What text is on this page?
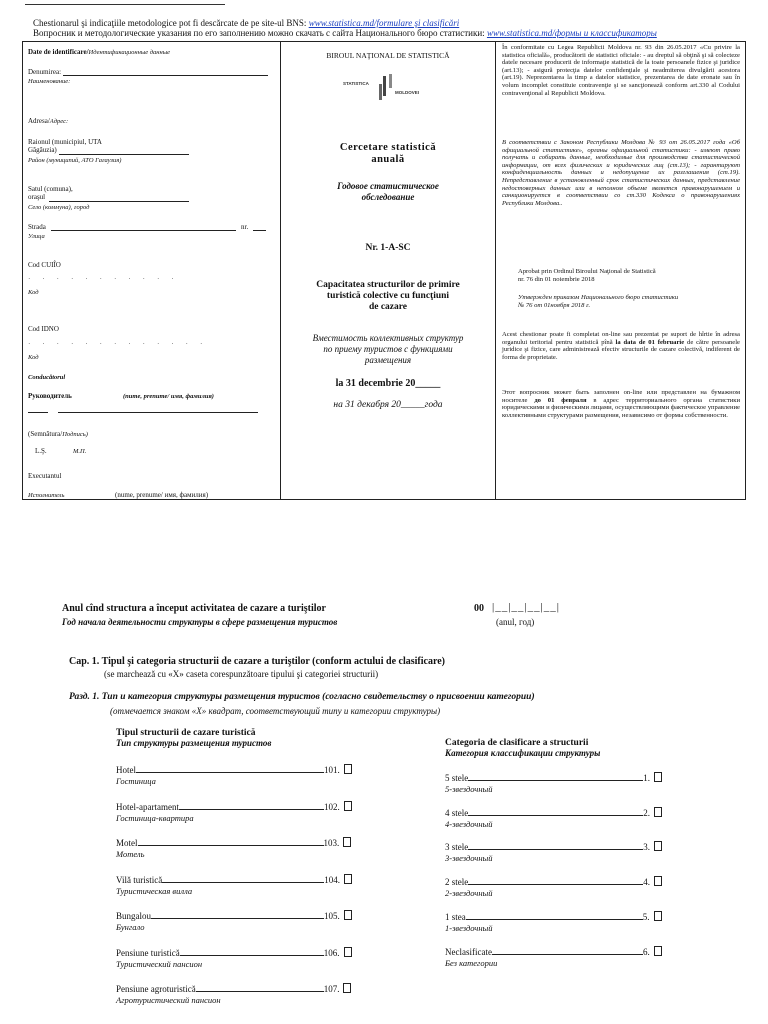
Chestionarul şi indicaţiile metodologice pot fi descărcate de pe site-ul BNS: www.statistica.md/formulare şi clasificări
Вопросник и методологические указания по его заполнению можно скачать с сайта Национального бюро статистики: www.statistica.md/формы и классификаторы
Date de identificare/Идентификационные данные
Denumirea:
Наименование:
Adresa/Адрес:
Raionul (municipiul, UTA
Găgăuzia)
Район (муниципий, АТО Гагаузия)
Satul (comuna),
oraşul
Село (коммуна), город
Strada	nr.
Улица
Cod CUIÎO
˙˙˙˙˙˙˙˙˙˙˙
Код
Cod IDNO
˙˙˙˙˙˙˙˙˙˙˙˙˙
Код
Conducătorul
Руководитель	(nume, prenume/ имя, фамилия)
(Semnătura/Подпись)
L.Ş.	М.П.
Executantul
Исполнитель	(nume, prenume/ имя, фамилия)
BIROUL NAŢIONAL DE STATISTICĂ
STATISTICA
MOLDOVEI
Cercetare statistică
anuală
Годовое статистическое
обследование
Nr. 1-A-SC
Capacitatea structurilor de primire
turistică colective cu funcţiuni
de cazare
Вместимость коллективных структур
по приему туристов с функциями
размещения
la 31 decembrie 20_____
на 31 декабря 20_____года
În conformitate cu Legea Republicii Moldova nr. 93 din 26.05.2017 «Cu privire la statistica oficială», producătorii de statistici oficiale: - au dreptul să obţină şi să colecteze datele necesare producerii de informaţie statistică de la toate persoanele fizice şi juridice (art.13); - asigură protecţia datelor confidenţiale şi neadmiterea divulgării acestora (art.19). Neprezentarea la timp a datelor statistice, prezentarea de date eronate sau în volum incomplet constituie contravenţie şi se sancţionează conform art.330 al Codului contravenţional al Republicii Moldova.
В соответствии с Законом Республики Молдова № 93 от 26.05.2017 года «Об официальной статистике», органы официальной статистики: - имеют право получать и собирать данные, необходимые для производства статистической информации, от всех физических и юридических лиц (ст.13); - гарантируют конфиденциальность данных и недопущение их разглашения (ст.19). Непредставление в установленный срок статистических данных, представление недостоверных данных или в неполном объеме является правонарушением и санкционируется в соответствии со ст.330 Кодекса о правонарушениях Республики Молдова..
Aprobat prin Ordinul Biroului Naţional de Statistică
nr. 76 din 01 noiembrie 2018
Утвержден приказом Национального бюро статистики
№ 76 от 01ноября 2018 г.
Acest chestionar poate fi completat on-line sau prezentat pe suport de hîrtie în adresa organului teritorial pentru statistică pînă la data de 01 februarie de către persoanele juridice şi fizice, care administrează efectiv structurile de cazare colectivă, indiferent de forma de proprietate.
Этот вопросник может быть заполнен on-line или представлен на бумажном носителе до 01 февраля в адрес территориального органа статистики юридическими и физическими лицами, осуществляющими фактическое управление коллективными структурами размещения, независимо от формы собственности.
Anul cînd structura a început activitatea de cazare a turiştilor
Год начала деятельности структуры в сфере размещения туристов
00 |__|__|__|__|
(anul, год)
Cap. 1. Tipul şi categoria structurii de cazare a turiştilor (conform actului de clasificare)
(se marchează cu «X» caseta corespunzătoare tipului şi categoriei structurii)
Разд. 1. Тип и категория структуры размещения туристов (согласно свидетельству о присвоении категории)
(отмечается знаком «Х» квадрат, соответствующий типу и категории структуры)
Tipul structurii de cazare turistică
Тип структуры размещения туристов
Hotel	101.
Гостиница
Hotel-apartament	102.
Гостиница-квартира
Motel	103.
Мотель
Vilă turistică	104.
Туристическая вилла
Bungalou	105.
Бунгало
Pensiune turistică	106.
Туристический пансион
Pensiune agroturistică	107.
Агротуристический пансион
Categoria de clasificare a structurii
Категория классификации структуры
5 stele	1.
5-звездочный
4 stele	2.
4-звездочный
3 stele	3.
3-звездочный
2 stele	4.
2-звездочный
1 stea	5.
1-звездочный
Neclasificate	6.
Без категории
